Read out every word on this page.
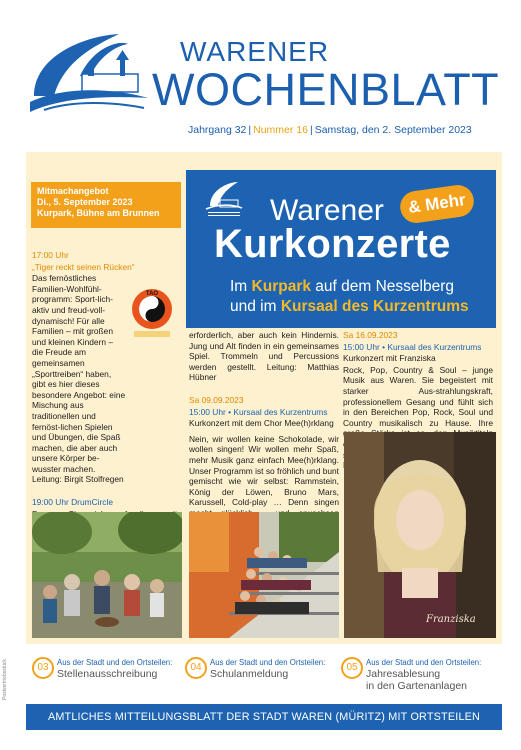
WARENER
WOCHENBLATT
Jahrgang 32 | Nummer 16 | Samstag, den 2. September 2023
Mitmachangebot
Di., 5. September 2023
Kurpark, Bühne am Brunnen	Warener	& Mehr
Kurkonzerte
Im Kurpark auf dem Nesselberg
und im Kursaal des Kurzentrums
17:00 Uhr
„Tiger reckt seinen Rücken“

Das fernöstliches Familien-Wohlfühl-programm: Sport-lich-aktiv und freud-voll-dynamisch! Für alle Familien – mit großen und kleinen Kindern – die Freude am gemeinsamen „Sporttreiben“ haben, gibt es hier dieses besondere Angebot: eine Mischung aus traditionellen und fernöst-lichen Spielen und Übungen, die Spaß machen, die aber auch unsere Körper be-wusster machen. Leitung: Birgit Stolfregen

19:00 Uhr DrumCircle

TAO

erforderlich, aber auch kein Hindernis. Jung und Alt finden in ein gemeinsames Spiel. Trommeln und Percussions werden gestellt. Leitung: Matthias Hübner

Sa 09.09.2023
15:00 Uhr • Kursaal des Kurzentrums
Kurkonzert mit dem Chor Mee(h)rklang

Nein, wir wollen keine Schokolade, wir wollen singen! Wir wollen mehr Spaß, mehr Musik ganz einfach Mee(h)rklang. Unser Programm ist so fröhlich und bunt gemischt wie wir selbst: Rammstein, König der Löwen, Bruno Mars, Karussell, Cold-play … Denn singen

Sa 16.09.2023
15:00 Uhr • Kursaal des Kurzentrums
Kurkonzert mit Franziska

Rock, Pop, Country & Soul – junge Musik aus Waren. Sie begeistert mit starker Aus-strahlungskraft, professionellem Gesang und fühlt sich in den Bereichen Pop, Rock, Soul und Country musikalisch zu Hause. Ihre

Franziska
03	Aus der Stadt und den Ortsteilen:
Stellenausschreibung
04	Aus der Stadt und den Ortsteilen:
Schulanmeldung
05	Aus der Stadt und den Ortsteilen:
Jahresablesung
in den Gartenanlagen
Postvertriebsstück
AMTLICHES MITTEILUNGSBLATT DER STADT WAREN (MÜRITZ) MIT ORTSTEILEN
